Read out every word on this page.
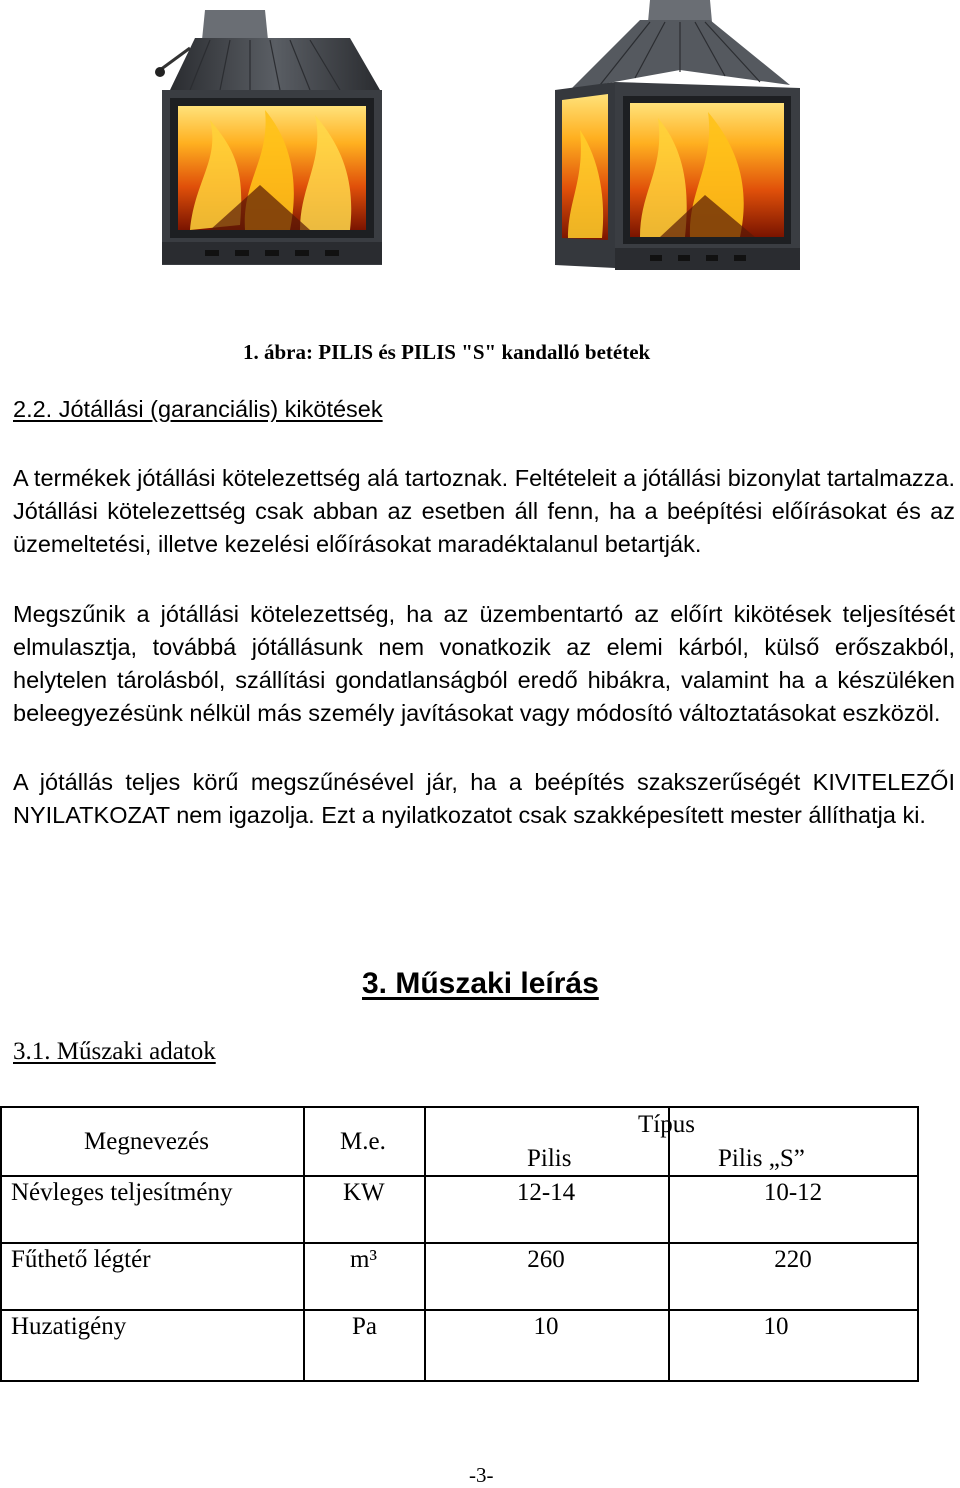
1. ábra: PILIS és PILIS "S" kandalló betétek
2.2. Jótállási (garanciális) kikötések
A termékek jótállási kötelezettség alá tartoznak. Feltételeit a jótállási bizonylat tartalmazza. Jótállási kötelezettség csak abban az esetben áll fenn, ha a beépítési előírásokat és az üzemeltetési, illetve kezelési előírásokat maradéktalanul betartják.
Megszűnik a jótállási kötelezettség, ha az üzembentartó az előírt kikötések teljesítését elmulasztja, továbbá jótállásunk nem vonatkozik az elemi kárból, külső erőszakból, helytelen tárolásból, szállítási gondatlanságból eredő hibákra, valamint ha a készüléken beleegyezésünk nélkül más személy javításokat vagy módosító változtatásokat eszközöl.
A jótállás teljes körű megszűnésével jár, ha a beépítés szakszerűségét KIVITELEZŐI NYILATKOZAT nem igazolja. Ezt a nyilatkozatot csak szakképesített mester állíthatja ki.
3. Műszaki leírás
3.1. Műszaki adatok
Megnevezés	M.e.
Típus
Pilis	Pilis „S”
Névleges teljesítmény	KW	12-14	10-12
Fűthető légtér	m³	260	220
Huzatigény	Pa	10	10
-3-
